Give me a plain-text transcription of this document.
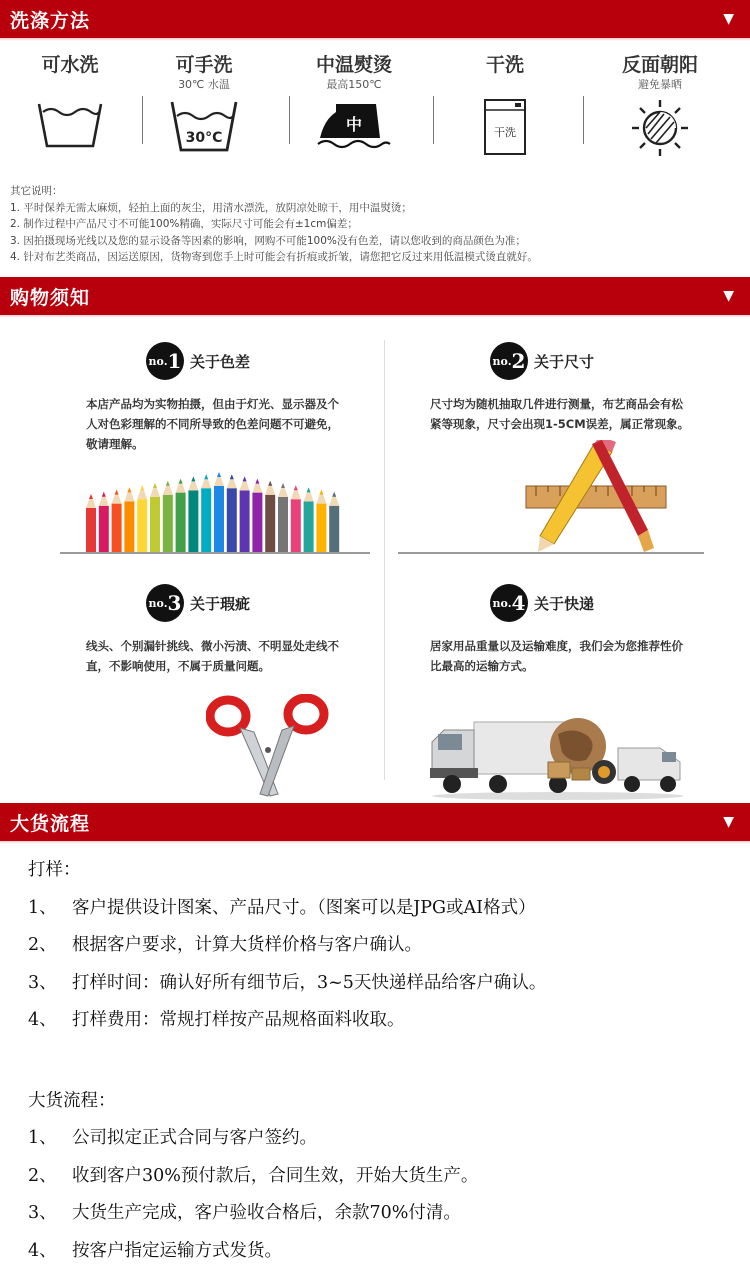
洗涤方法	▼
可水洗	可手洗
30℃ 水温
30°C
中温熨烫
最高150℃
中
干洗
干洗
反面朝阳
避免暴晒
其它说明：
1. 平时保养无需太麻烦，轻拍上面的灰尘，用清水漂洗，放阴凉处晾干，用中温熨烫；
2. 制作过程中产品尺寸不可能100%精确，实际尺寸可能会有±1cm偏差；
3. 因拍摄现场光线以及您的显示设备等因素的影响，网购不可能100%没有色差，请以您收到的商品颜色为准；
4. 针对布艺类商品，因运送原因，货物寄到您手上时可能会有折痕或折皱，请您把它反过来用低温模式烫直就好。
购物须知	▼
no. 1 关于色差
本店产品均为实物拍摄，但由于灯光、显示器及个人对色彩理解的不同所导致的色差问题不可避免，敬请理解。
no. 2 关于尺寸
尺寸均为随机抽取几件进行测量，布艺商品会有松紧等现象，尺寸会出现1-5CM误差，属正常现象。
no. 3 关于瑕疵
线头、个别漏针挑线、微小污渍、不明显处走线不直，不影响使用，不属于质量问题。
no. 4 关于快递
居家用品重量以及运输难度，我们会为您推荐性价比最高的运输方式。
大货流程	▼
打样：
1、 客户提供设计图案、产品尺寸。（图案可以是JPG或AI格式）
2、 根据客户要求，计算大货样价格与客户确认。
3、 打样时间：确认好所有细节后，3~5天快递样品给客户确认。
4、 打样费用：常规打样按产品规格面料收取。
大货流程：
1、 公司拟定正式合同与客户签约。
2、 收到客户30%预付款后，合同生效，开始大货生产。
3、 大货生产完成，客户验收合格后，余款70%付清。
4、 按客户指定运输方式发货。
